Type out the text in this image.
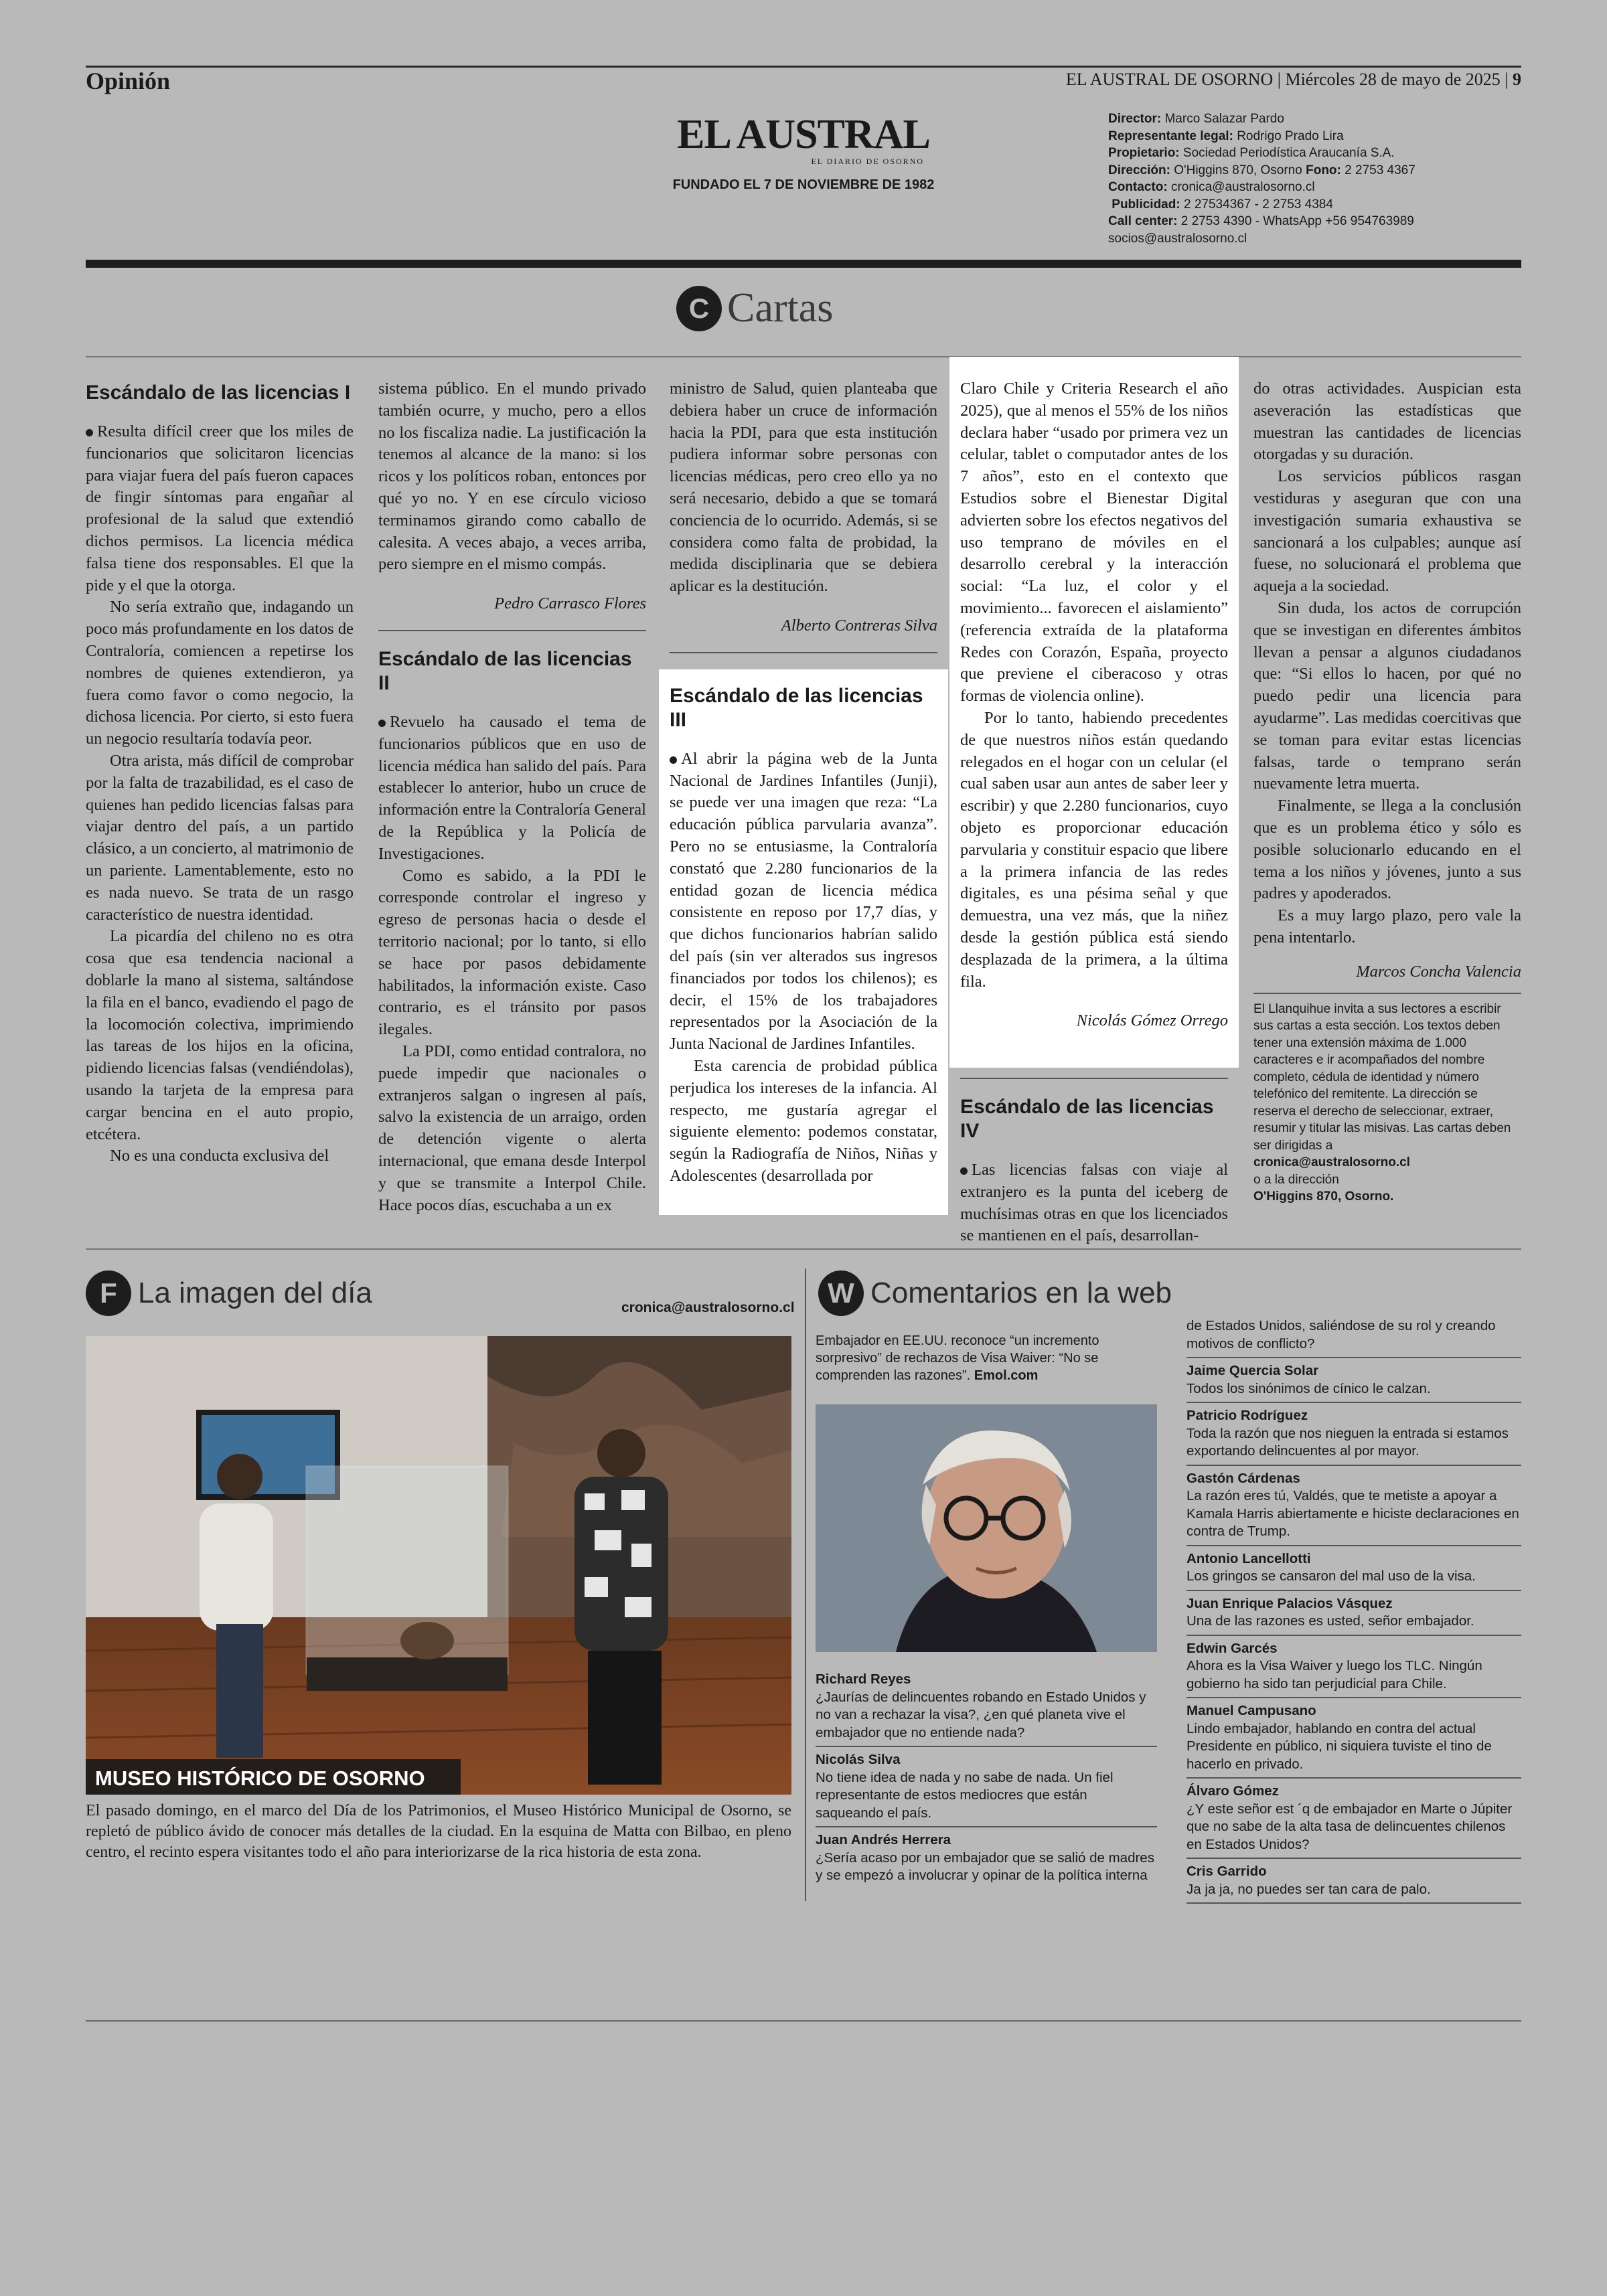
Opinión	EL AUSTRAL DE OSORNO | Miércoles 28 de mayo de 2025 | 9
EL AUSTRAL
EL DIARIO DE OSORNO
FUNDADO EL 7 DE NOVIEMBRE DE 1982
Director: Marco Salazar Pardo
Representante legal: Rodrigo Prado Lira
Propietario: Sociedad Periodística Araucanía S.A.
Dirección: O'Higgins 870, Osorno Fono: 2 2753 4367
Contacto: cronica@australosorno.cl
Publicidad: 2 27534367 - 2 2753 4384
Call center: 2 2753 4390 - WhatsApp +56 954763989
socios@australosorno.cl
C Cartas
Escándalo de las licencias I

Resulta difícil creer que los miles de funcionarios que solicitaron licencias para viajar fuera del país fueron capaces de fingir síntomas para engañar al profesional de la salud que extendió dichos permisos. La licencia médica falsa tiene dos responsables. El que la pide y el que la otorga.

No sería extraño que, indagando un poco más profundamente en los datos de Contraloría, comiencen a repetirse los nombres de quienes extendieron, ya fuera como favor o como negocio, la dichosa licencia. Por cierto, si esto fuera un negocio resultaría todavía peor.

Otra arista, más difícil de comprobar por la falta de trazabilidad, es el caso de quienes han pedido licencias falsas para viajar dentro del país, a un partido clásico, a un concierto, al matrimonio de un pariente. Lamentablemente, esto no es nada nuevo. Se trata de un rasgo característico de nuestra identidad.

La picardía del chileno no es otra cosa que esa tendencia nacional a doblarle la mano al sistema, saltándose la fila en el banco, evadiendo el pago de la locomoción colectiva, imprimiendo las tareas de los hijos en la oficina, pidiendo licencias falsas (vendiéndolas), usando la tarjeta de la empresa para cargar bencina en el auto propio, etcétera.

No es una conducta exclusiva del

sistema público. En el mundo privado también ocurre, y mucho, pero a ellos no los fiscaliza nadie. La justificación la tenemos al alcance de la mano: si los ricos y los políticos roban, entonces por qué yo no. Y en ese círculo vicioso terminamos girando como caballo de calesita. A veces abajo, a veces arriba, pero siempre en el mismo compás.

Pedro Carrasco Flores
Escándalo de las licencias II

Revuelo ha causado el tema de funcionarios públicos que en uso de licencia médica han salido del país. Para establecer lo anterior, hubo un cruce de información entre la Contraloría General de la República y la Policía de Investigaciones.

Como es sabido, a la PDI le corresponde controlar el ingreso y egreso de personas hacia o desde el territorio nacional; por lo tanto, si ello se hace por pasos debidamente habilitados, la información existe. Caso contrario, es el tránsito por pasos ilegales.

La PDI, como entidad contralora, no puede impedir que nacionales o extranjeros salgan o ingresen al país, salvo la existencia de un arraigo, orden de detención vigente o alerta internacional, que emana desde Interpol y que se transmite a Interpol Chile. Hace pocos días, escuchaba a un ex

ministro de Salud, quien planteaba que debiera haber un cruce de información hacia la PDI, para que esta institución pudiera informar sobre personas con licencias médicas, pero creo ello ya no será necesario, debido a que se tomará conciencia de lo ocurrido. Además, si se considera como falta de probidad, la medida disciplinaria que se debiera aplicar es la destitución.

Alberto Contreras Silva
Escándalo de las licencias III

Al abrir la página web de la Junta Nacional de Jardines Infantiles (Junji), se puede ver una imagen que reza: “La educación pública parvularia avanza”. Pero no se entusiasme, la Contraloría constató que 2.280 funcionarios de la entidad gozan de licencia médica consistente en reposo por 17,7 días, y que dichos funcionarios habrían salido del país (sin ver alterados sus ingresos financiados por todos los chilenos); es decir, el 15% de los trabajadores representados por la Asociación de la Junta Nacional de Jardines Infantiles.

Esta carencia de probidad pública perjudica los intereses de la infancia. Al respecto, me gustaría agregar el siguiente elemento: podemos constatar, según la Radiografía de Niños, Niñas y Adolescentes (desarrollada por

Claro Chile y Criteria Research el año 2025), que al menos el 55% de los niños declara haber “usado por primera vez un celular, tablet o computador antes de los 7 años”, esto en el contexto que Estudios sobre el Bienestar Digital advierten sobre los efectos negativos del uso temprano de móviles en el desarrollo cerebral y la interacción social: “La luz, el color y el movimiento... favorecen el aislamiento” (referencia extraída de la plataforma Redes con Corazón, España, proyecto que previene el ciberacoso y otras formas de violencia online).

Por lo tanto, habiendo precedentes de que nuestros niños están quedando relegados en el hogar con un celular (el cual saben usar aun antes de saber leer y escribir) y que 2.280 funcionarios, cuyo objeto es proporcionar educación parvularia y constituir espacio que libere a la primera infancia de las redes digitales, es una pésima señal y que demuestra, una vez más, que la niñez desde la gestión pública está siendo desplazada de la primera, a la última fila.

Nicolás Gómez Orrego
Escándalo de las licencias IV

Las licencias falsas con viaje al extranjero es la punta del iceberg de muchísimas otras en que los licenciados se mantienen en el país, desarrollan-

do otras actividades. Auspician esta aseveración las estadísticas que muestran las cantidades de licencias otorgadas y su duración.

Los servicios públicos rasgan vestiduras y aseguran que con una investigación sumaria exhaustiva se sancionará a los culpables; aunque así fuese, no solucionará el problema que aqueja a la sociedad.

Sin duda, los actos de corrupción que se investigan en diferentes ámbitos llevan a pensar a algunos ciudadanos que: “Si ellos lo hacen, por qué no puedo pedir una licencia para ayudarme”. Las medidas coercitivas que se toman para evitar estas licencias falsas, tarde o temprano serán nuevamente letra muerta.

Finalmente, se llega a la conclusión que es un problema ético y sólo es posible solucionarlo educando en el tema a los niños y jóvenes, junto a sus padres y apoderados.

Es a muy largo plazo, pero vale la pena intentarlo.

Marcos Concha Valencia
El Llanquihue invita a sus lectores a escribir sus cartas a esta sección. Los textos deben tener una extensión máxima de 1.000 caracteres e ir acompañados del nombre completo, cédula de identidad y número telefónico del remitente. La dirección se reserva el derecho de seleccionar, extraer, resumir y titular las misivas. Las cartas deben ser dirigidas a
cronica@australosorno.cl
o a la dirección
O'Higgins 870, Osorno.
F La imagen del día	cronica@australosorno.cl
MUSEO HISTÓRICO DE OSORNO
El pasado domingo, en el marco del Día de los Patrimonios, el Museo Histórico Municipal de Osorno, se repletó de público ávido de conocer más detalles de la ciudad. En la esquina de Matta con Bilbao, en pleno centro, el recinto espera visitantes todo el año para interiorizarse de la rica historia de esta zona.
W Comentarios en la web
Embajador en EE.UU. reconoce “un incremento sorpresivo” de rechazos de Visa Waiver: “No se comprenden las razones”. Emol.com
Richard Reyes
¿Jaurías de delincuentes robando en Estado Unidos y no van a rechazar la visa?, ¿en qué planeta vive el embajador que no entiende nada?
Nicolás Silva
No tiene idea de nada y no sabe de nada. Un fiel representante de estos mediocres que están saqueando el país.
Juan Andrés Herrera
¿Sería acaso por un embajador que se salió de madres y se empezó a involucrar y opinar de la política interna
de Estados Unidos, saliéndose de su rol y creando motivos de conflicto?
Jaime Quercia Solar
Todos los sinónimos de cínico le calzan.
Patricio Rodríguez
Toda la razón que nos nieguen la entrada si estamos exportando delincuentes al por mayor.
Gastón Cárdenas
La razón eres tú, Valdés, que te metiste a apoyar a Kamala Harris abiertamente e hiciste declaraciones en contra de Trump.
Antonio Lancellotti
Los gringos se cansaron del mal uso de la visa.
Juan Enrique Palacios Vásquez
Una de las razones es usted, señor embajador.
Edwin Garcés
Ahora es la Visa Waiver y luego los TLC. Ningún gobierno ha sido tan perjudicial para Chile.
Manuel Campusano
Lindo embajador, hablando en contra del actual Presidente en público, ni siquiera tuviste el tino de hacerlo en privado.
Álvaro Gómez
¿Y este señor est ´q de embajador en Marte o Júpiter que no sabe de la alta tasa de delincuentes chilenos en Estados Unidos?
Cris Garrido
Ja ja ja, no puedes ser tan cara de palo.
